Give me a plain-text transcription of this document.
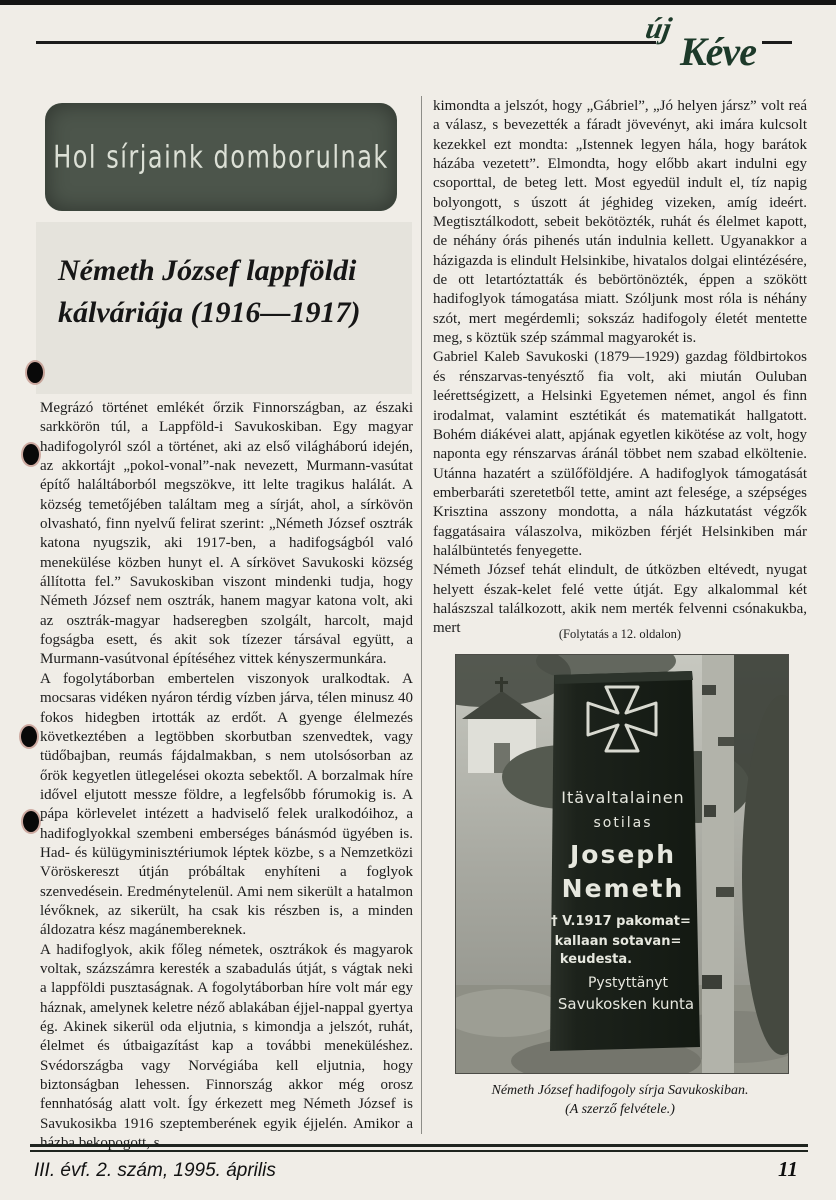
új
Kéve
Hol sírjaink domborulnak
Németh József lappföldi
kálváriája (1916—1917)

Megrázó történet emlékét őrzik Finnországban, az északi sarkkörön túl, a Lappföld-i Savukoskiban. Egy magyar hadifogolyról szól a történet, aki az első világháború idején, az akkortájt „pokol-vonal”-nak nevezett, Murmann-vasútat építő haláltáborból megszökve, itt lelte tragikus halálát. A község temetőjében találtam meg a sírját, ahol, a sírkövön olvasható, finn nyelvű felirat szerint: „Németh József osztrák katona nyugszik, aki 1917-ben, a hadifogságból való menekülése közben hunyt el. A sírkövet Savukoski község állította fel.” Savukoskiban viszont mindenki tudja, hogy Németh József nem osztrák, hanem magyar katona volt, aki az osztrák-magyar hadseregben szolgált, harcolt, majd fogságba esett, és akit sok tízezer társával együtt, a Murmann-vasútvonal építéséhez vittek kényszermunkára.

A fogolytáborban embertelen viszonyok uralkodtak. A mocsaras vidéken nyáron térdig vízben járva, télen minusz 40 fokos hidegben irtották az erdőt. A gyenge élelmezés következtében a legtöbben skorbutban szenvedtek, vagy tüdőbajban, reumás fájdalmakban, s nem utolsósorban az őrök kegyetlen ütlegelései okozta sebektől. A borzalmak híre idővel eljutott messze földre, a legfelsőbb fórumokig is. A pápa körlevelet intézett a hadviselő felek uralkodóihoz, a hadifoglyokkal szembeni emberséges bánásmód ügyében is. Had- és külügyminisztériumok léptek közbe, s a Nemzetközi Vöröskereszt útján próbáltak enyhíteni a foglyok szenvedésein. Eredménytelenül. Ami nem sikerült a hatalmon lévőknek, az sikerült, ha csak kis részben is, a minden áldozatra kész magánembereknek.

A hadifoglyok, akik főleg németek, osztrákok és magyarok voltak, százszámra keresték a szabadulás útját, s vágtak neki a lappföldi pusztaságnak. A fogolytáborban híre volt már egy háznak, amelynek keletre néző ablakában éjjel-nappal gyertya ég. Akinek sikerül oda eljutnia, s kimondja a jelszót, ruhát, élelmet és útbaigazítást kap a további meneküléshez. Svédországba vagy Norvégiába kell eljutnia, hogy biztonságban lehessen. Finnország akkor még orosz fennhatóság alatt volt. Így érkezett meg Németh József is Savukosikba 1916 szeptemberének egyik éjjelén. Amikor a házba bekopogott, s

kimondta a jelszót, hogy „Gábriel”, „Jó helyen jársz” volt reá a válasz, s bevezették a fáradt jövevényt, aki imára kulcsolt kezekkel ezt mondta: „Istennek legyen hála, hogy barátok házába vezetett”. Elmondta, hogy előbb akart indulni egy csoporttal, de beteg lett. Most egyedül indult el, tíz napig bolyongott, s úszott át jéghideg vizeken, amíg ideért. Megtisztálkodott, sebeit bekötözték, ruhát és élelmet kapott, de néhány órás pihenés után indulnia kellett. Ugyanakkor a házigazda is elindult Helsinkibe, hivatalos dolgai elintézésére, de ott letartóztatták és bebörtönözték, éppen a szökött hadifoglyok támogatása miatt. Szóljunk most róla is néhány szót, mert megérdemli; sokszáz hadifogoly életét mentette meg, s köztük szép számmal magyarokét is.

Gabriel Kaleb Savukoski (1879—1929) gazdag földbirtokos és rénszarvas-tenyésztő fia volt, aki miután Ouluban leérettségizett, a Helsinki Egyetemen német, angol és finn irodalmat, valamint esztétikát és matematikát hallgatott. Bohém diákévei alatt, apjának egyetlen kikötése az volt, hogy naponta egy rénszarvas áránál többet nem szabad elköltenie. Utánna hazatért a szülőföldjére. A hadifoglyok támogatását emberbaráti szeretetből tette, amint azt felesége, a szépséges Krisztina asszony mondotta, a nála házkutatást végzők faggatásaira válaszolva, miközben férjét Helsinkiben már halálbüntetés fenyegette.

Németh József tehát elindult, de útközben eltévedt, nyugat helyett észak-kelet felé vette útját. Egy alkalommal két halászszal találkozott, akik nem merték felvenni csónakukba, mert	(Folytatás a 12. oldalon)
Itävaltalainen
sotilas
Joseph
Nemeth
† V.1917 pakomat=
kallaan sotavan=
keudesta.
Pystyttänyt
Savukosken kunta
Németh József hadifogoly sírja Savukoskiban.
(A szerző felvétele.)
III. évf. 2. szám, 1995. április	11
